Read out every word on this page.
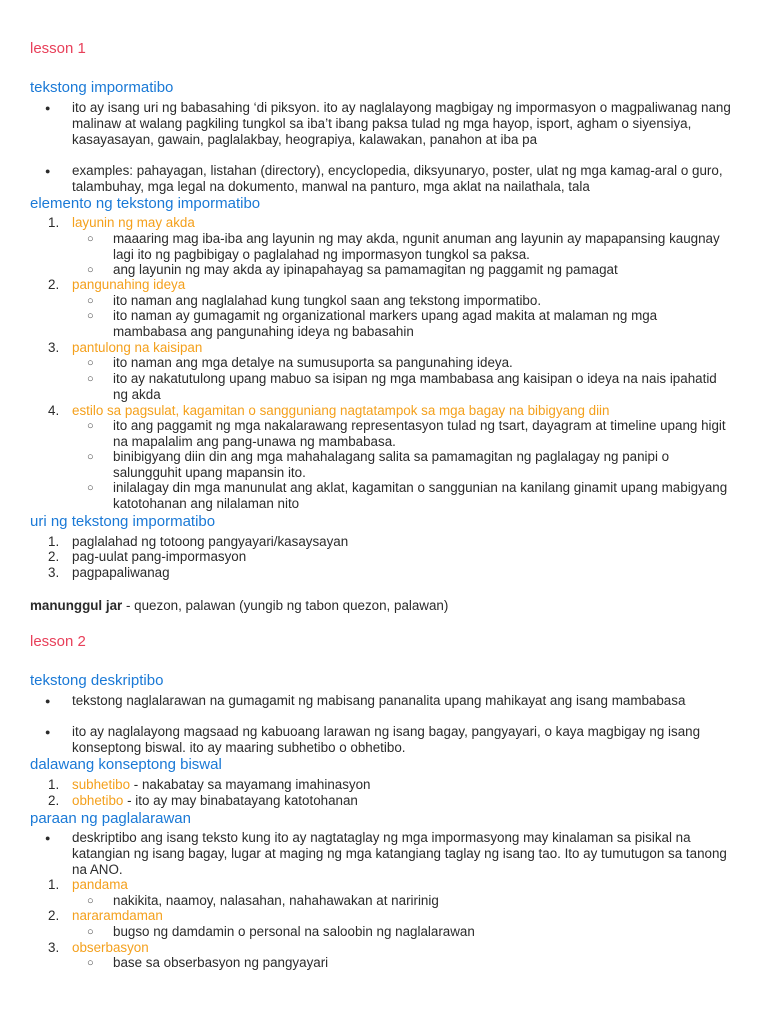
lesson 1
tekstong impormatibo
● ito ay isang uri ng babasahing ‘di piksyon. ito ay naglalayong magbigay ng impormasyon o magpaliwanag nang malinaw at walang pagkiling tungkol sa iba’t ibang paksa tulad ng mga hayop, isport, agham o siyensiya, kasayasayan, gawain, paglalakbay, heograpiya, kalawakan, panahon at iba pa
● examples: pahayagan, listahan (directory), encyclopedia, diksyunaryo, poster, ulat ng mga kamag-aral o guro, talambuhay, mga legal na dokumento, manwal na panturo, mga aklat na nailathala, tala
elemento ng tekstong impormatibo
1. layunin ng may akda
○ maaaring mag iba-iba ang layunin ng may akda, ngunit anuman ang layunin ay mapapansing kaugnay lagi ito ng pagbibigay o paglalahad ng impormasyon tungkol sa paksa.
○ ang layunin ng may akda ay ipinapahayag sa pamamagitan ng paggamit ng pamagat
2. pangunahing ideya
○ ito naman ang naglalahad kung tungkol saan ang tekstong impormatibo.
○ ito naman ay gumagamit ng organizational markers upang agad makita at malaman ng mga mambabasa ang pangunahing ideya ng babasahin
3. pantulong na kaisipan
○ ito naman ang mga detalye na sumusuporta sa pangunahing ideya.
○ ito ay nakatutulong upang mabuo sa isipan ng mga mambabasa ang kaisipan o ideya na nais ipahatid ng akda
4. estilo sa pagsulat, kagamitan o sangguniang nagtatampok sa mga bagay na bibigyang diin
○ ito ang paggamit ng mga nakalarawang representasyon tulad ng tsart, dayagram at timeline upang higit na mapalalim ang pang-unawa ng mambabasa.
○ binibigyang diin din ang mga mahahalagang salita sa pamamagitan ng paglalagay ng panipi o salungguhit upang mapansin ito.
○ inilalagay din mga manunulat ang aklat, kagamitan o sanggunian na kanilang ginamit upang mabigyang katotohanan ang nilalaman nito
uri ng tekstong impormatibo
1. paglalahad ng totoong pangyayari/kasaysayan
2. pag-uulat pang-impormasyon
3. pagpapaliwanag
manunggul jar - quezon, palawan (yungib ng tabon quezon, palawan)
lesson 2
tekstong deskriptibo
● tekstong naglalarawan na gumagamit ng mabisang pananalita upang mahikayat ang isang mambabasa
● ito ay naglalayong magsaad ng kabuoang larawan ng isang bagay, pangyayari, o kaya magbigay ng isang konseptong biswal. ito ay maaring subhetibo o obhetibo.
dalawang konseptong biswal
1. subhetibo - nakabatay sa mayamang imahinasyon
2. obhetibo - ito ay may binabatayang katotohanan
paraan ng paglalarawan
● deskriptibo ang isang teksto kung ito ay nagtataglay ng mga impormasyong may kinalaman sa pisikal na katangian ng isang bagay, lugar at maging ng mga katangiang taglay ng isang tao. Ito ay tumutugon sa tanong na ANO.
1. pandama
○ nakikita, naamoy, nalasahan, nahahawakan at naririnig
2. nararamdaman
○ bugso ng damdamin o personal na saloobin ng naglalarawan
3. obserbasyon
○ base sa obserbasyon ng pangyayari
